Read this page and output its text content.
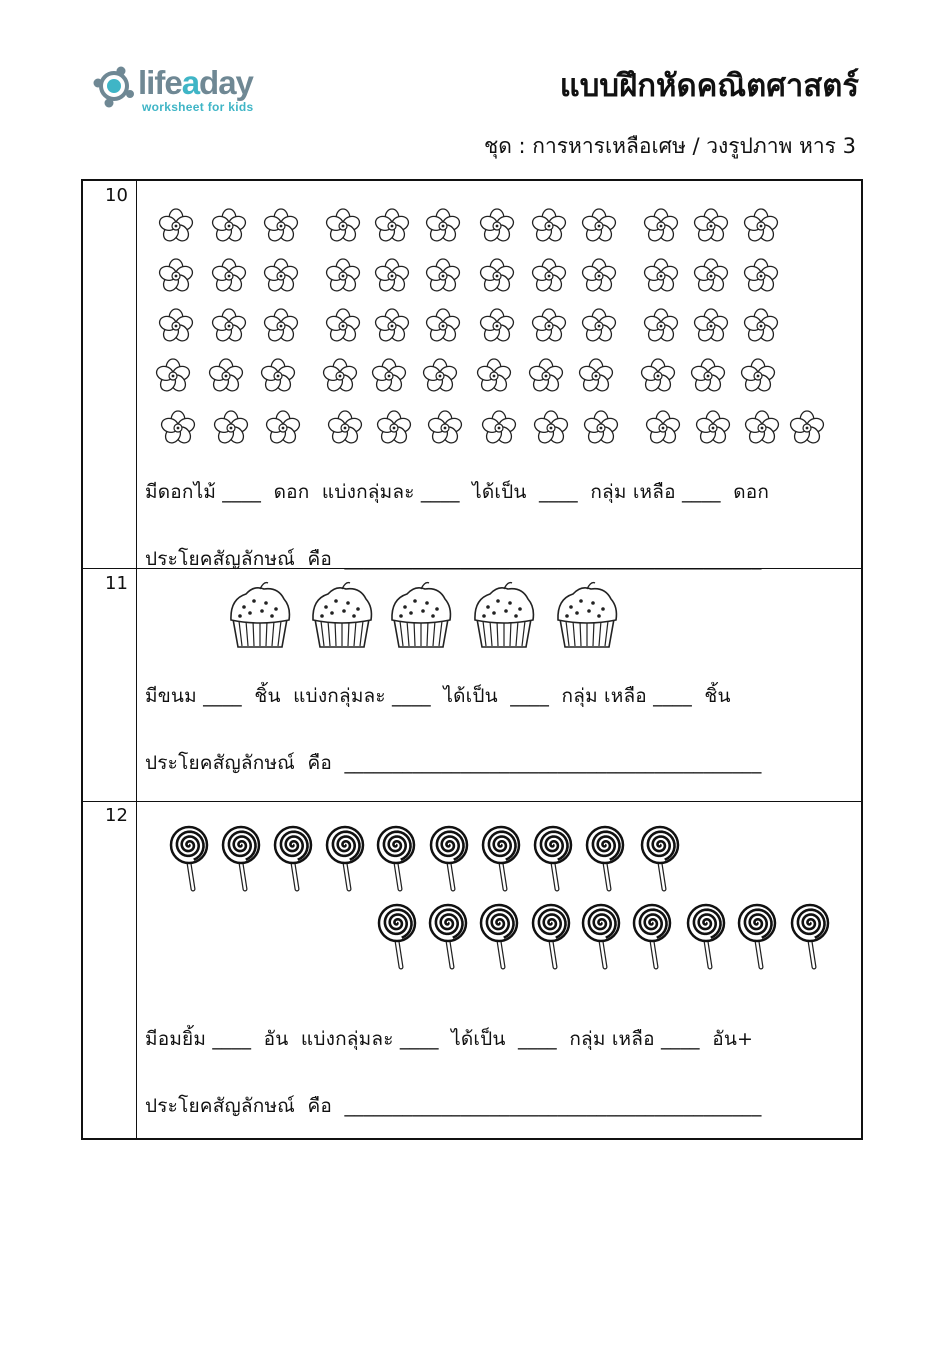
lifeaday
worksheet for kids
แบบฝึกหัดคณิตศาสตร์
ชุด : การหารเหลือเศษ / วงรูปภาพ หาร 3
10
มีดอกไม้ ____  ดอก  แบ่งกลุ่มละ ____  ได้เป็น  ____  กลุ่ม เหลือ ____  ดอก
ประโยคสัญลักษณ์  คือ  ___________________________________________
11
มีขนม ____  ชิ้น  แบ่งกลุ่มละ ____  ได้เป็น  ____  กลุ่ม เหลือ ____  ชิ้น
ประโยคสัญลักษณ์  คือ  ___________________________________________
12
มีอมยิ้ม ____  อัน  แบ่งกลุ่มละ ____  ได้เป็น  ____  กลุ่ม เหลือ ____  อัน+
ประโยคสัญลักษณ์  คือ  ___________________________________________
